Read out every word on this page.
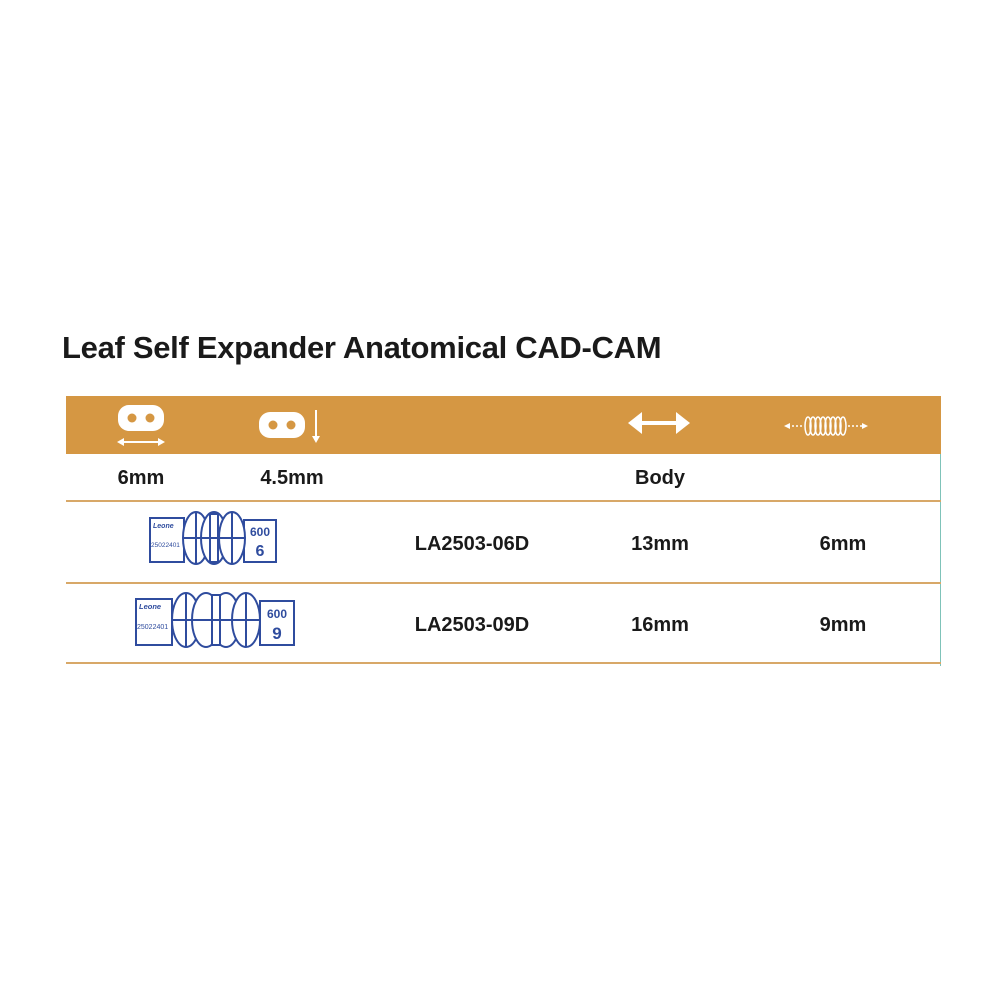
Leaf Self Expander Anatomical CAD-CAM
6mm	4.5mm	Body
Leone
25022401
600
6	LA2503-06D	13mm	6mm
Leone
25022401
600
9	LA2503-09D	16mm	9mm
